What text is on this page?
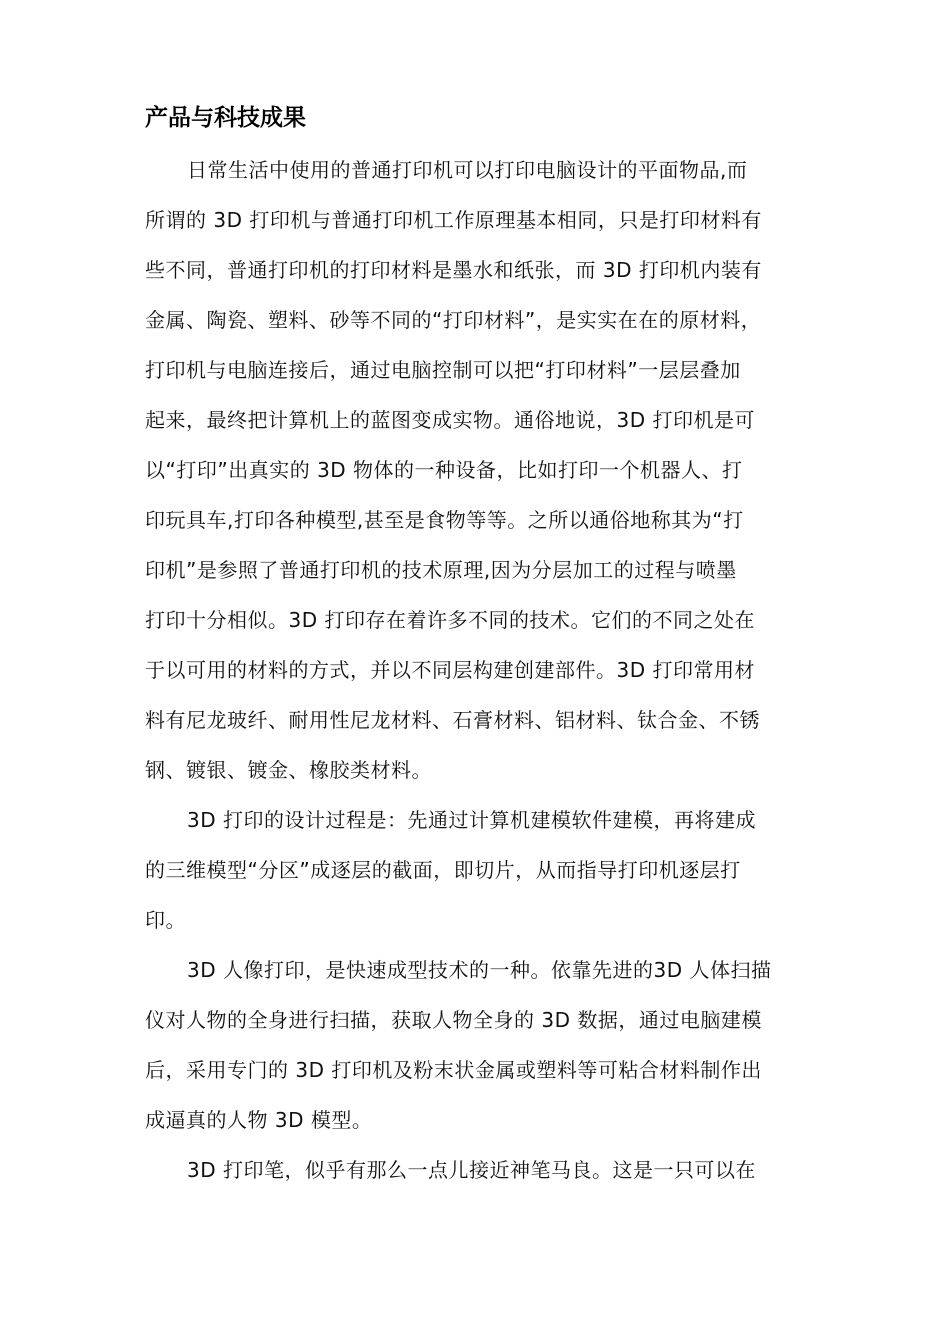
产品与科技成果

日常生活中使用的普通打印机可以打印电脑设计的平面物品,而

所谓的 3D 打印机与普通打印机工作原理基本相同，只是打印材料有

些不同，普通打印机的打印材料是墨水和纸张，而 3D 打印机内装有

金属、陶瓷、塑料、砂等不同的“打印材料”，是实实在在的原材料，

打印机与电脑连接后，通过电脑控制可以把“打印材料”一层层叠加

起来，最终把计算机上的蓝图变成实物。通俗地说，3D 打印机是可

以“打印”出真实的 3D 物体的一种设备，比如打印一个机器人、打

印玩具车,打印各种模型,甚至是食物等等。之所以通俗地称其为“打

印机”是参照了普通打印机的技术原理,因为分层加工的过程与喷墨

打印十分相似。3D 打印存在着许多不同的技术。它们的不同之处在

于以可用的材料的方式，并以不同层构建创建部件。3D 打印常用材

料有尼龙玻纤、耐用性尼龙材料、石膏材料、铝材料、钛合金、不锈

钢、镀银、镀金、橡胶类材料。

3D 打印的设计过程是：先通过计算机建模软件建模，再将建成

的三维模型“分区”成逐层的截面，即切片，从而指导打印机逐层打

印。

3D 人像打印，是快速成型技术的一种。依靠先进的3D 人体扫描

仪对人物的全身进行扫描，获取人物全身的 3D 数据，通过电脑建模

后，采用专门的 3D 打印机及粉末状金属或塑料等可粘合材料制作出

成逼真的人物 3D 模型。

3D 打印笔，似乎有那么一点儿接近神笔马良。这是一只可以在
